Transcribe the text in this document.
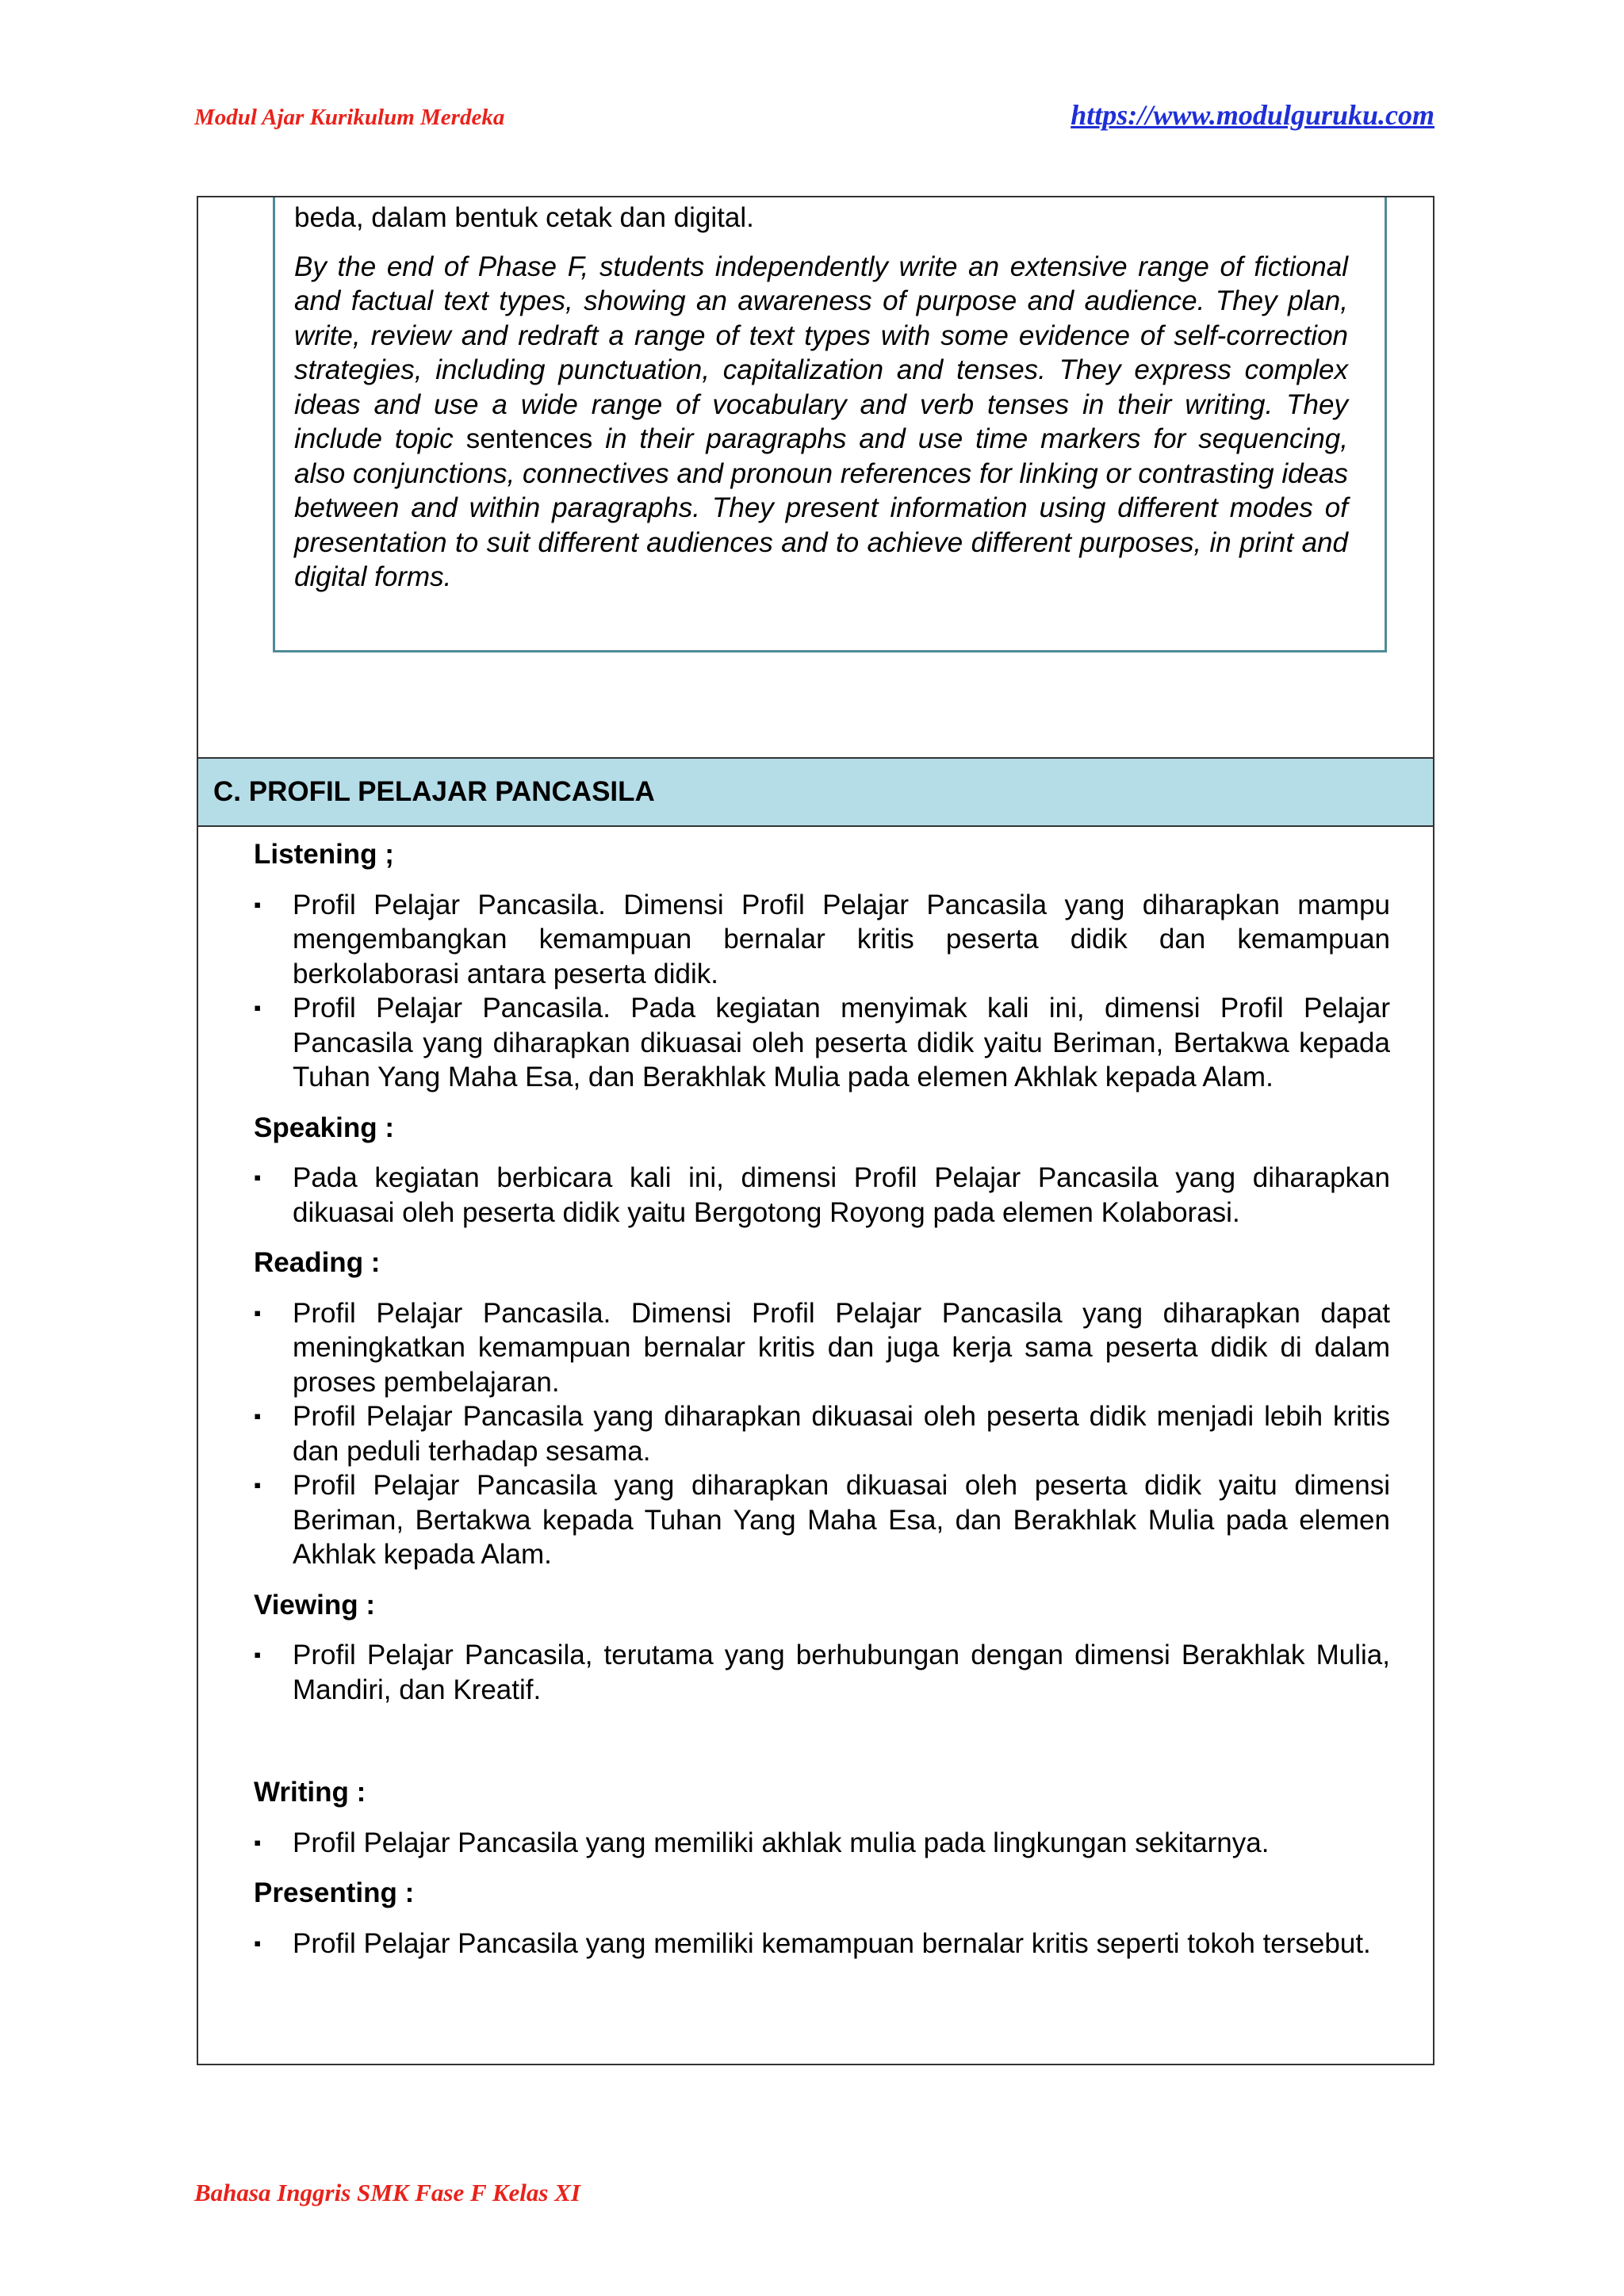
Modul Ajar Kurikulum Merdeka	https://www.modulguruku.com

beda, dalam bentuk cetak dan digital.

By the end of Phase F, students independently write an extensive range of fictional and factual text types, showing an awareness of purpose and audience. They plan, write, review and redraft a range of text types with some evidence of self-correction strategies, including punctuation, capitalization and tenses. They express complex ideas and use a wide range of vocabulary and verb tenses in their writing. They include topic sentences in their paragraphs and use time markers for sequencing, also conjunctions, connectives and pronoun references for linking or contrasting ideas between and within paragraphs. They present information using different modes of presentation to suit different audiences and to achieve different purposes, in print and digital forms.

C. PROFIL PELAJAR PANCASILA
Listening ;
▪ Profil Pelajar Pancasila. Dimensi Profil Pelajar Pancasila yang diharapkan mampu mengembangkan kemampuan bernalar kritis peserta didik dan kemampuan berkolaborasi antara peserta didik.
▪ Profil Pelajar Pancasila. Pada kegiatan menyimak kali ini, dimensi Profil Pelajar Pancasila yang diharapkan dikuasai oleh peserta didik yaitu Beriman, Bertakwa kepada Tuhan Yang Maha Esa, dan Berakhlak Mulia pada elemen Akhlak kepada Alam.
Speaking :
▪ Pada kegiatan berbicara kali ini, dimensi Profil Pelajar Pancasila yang diharapkan dikuasai oleh peserta didik yaitu Bergotong Royong pada elemen Kolaborasi.
Reading :
▪ Profil Pelajar Pancasila. Dimensi Profil Pelajar Pancasila yang diharapkan dapat meningkatkan kemampuan bernalar kritis dan juga kerja sama peserta didik di dalam proses pembelajaran.
▪ Profil Pelajar Pancasila yang diharapkan dikuasai oleh peserta didik menjadi lebih kritis dan peduli terhadap sesama.
▪ Profil Pelajar Pancasila yang diharapkan dikuasai oleh peserta didik yaitu dimensi Beriman, Bertakwa kepada Tuhan Yang Maha Esa, dan Berakhlak Mulia pada elemen Akhlak kepada Alam.
Viewing :
▪ Profil Pelajar Pancasila, terutama yang berhubungan dengan dimensi Berakhlak Mulia, Mandiri, dan Kreatif.
Writing :
▪ Profil Pelajar Pancasila yang memiliki akhlak mulia pada lingkungan sekitarnya.
Presenting :
▪ Profil Pelajar Pancasila yang memiliki kemampuan bernalar kritis seperti tokoh tersebut.
Bahasa Inggris SMK Fase F Kelas XI
